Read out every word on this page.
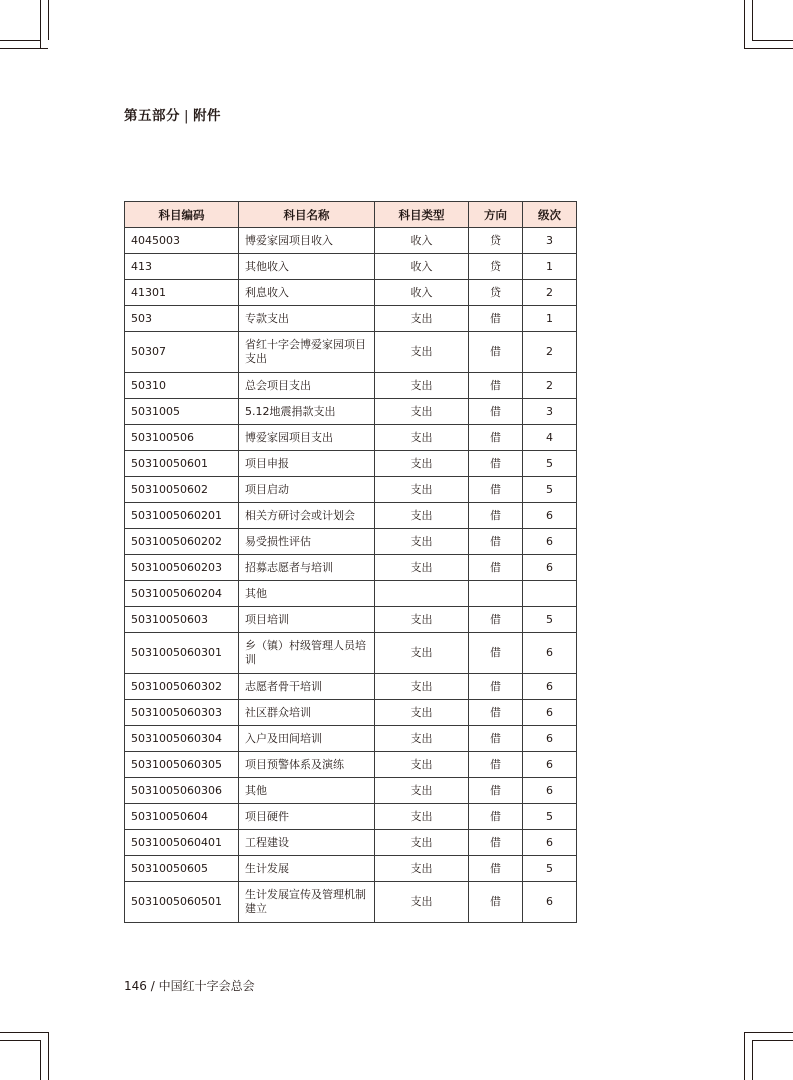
第五部分 | 附件
科目编码	科目名称	科目类型	方向	级次
4045003	博爱家园项目收入	收入	贷	3
413	其他收入	收入	贷	1
41301	利息收入	收入	贷	2
503	专款支出	支出	借	1
50307	省红十字会博爱家园项目支出	支出	借	2
50310	总会项目支出	支出	借	2
5031005	5.12地震捐款支出	支出	借	3
503100506	博爱家园项目支出	支出	借	4
50310050601	项目申报	支出	借	5
50310050602	项目启动	支出	借	5
5031005060201	相关方研讨会或计划会	支出	借	6
5031005060202	易受损性评估	支出	借	6
5031005060203	招募志愿者与培训	支出	借	6
5031005060204	其他			
50310050603	项目培训	支出	借	5
5031005060301	乡（镇）村级管理人员培训	支出	借	6
5031005060302	志愿者骨干培训	支出	借	6
5031005060303	社区群众培训	支出	借	6
5031005060304	入户及田间培训	支出	借	6
5031005060305	项目预警体系及演练	支出	借	6
5031005060306	其他	支出	借	6
50310050604	项目硬件	支出	借	5
5031005060401	工程建设	支出	借	6
50310050605	生计发展	支出	借	5
5031005060501	生计发展宣传及管理机制建立	支出	借	6
146 / 中国红十字会总会
